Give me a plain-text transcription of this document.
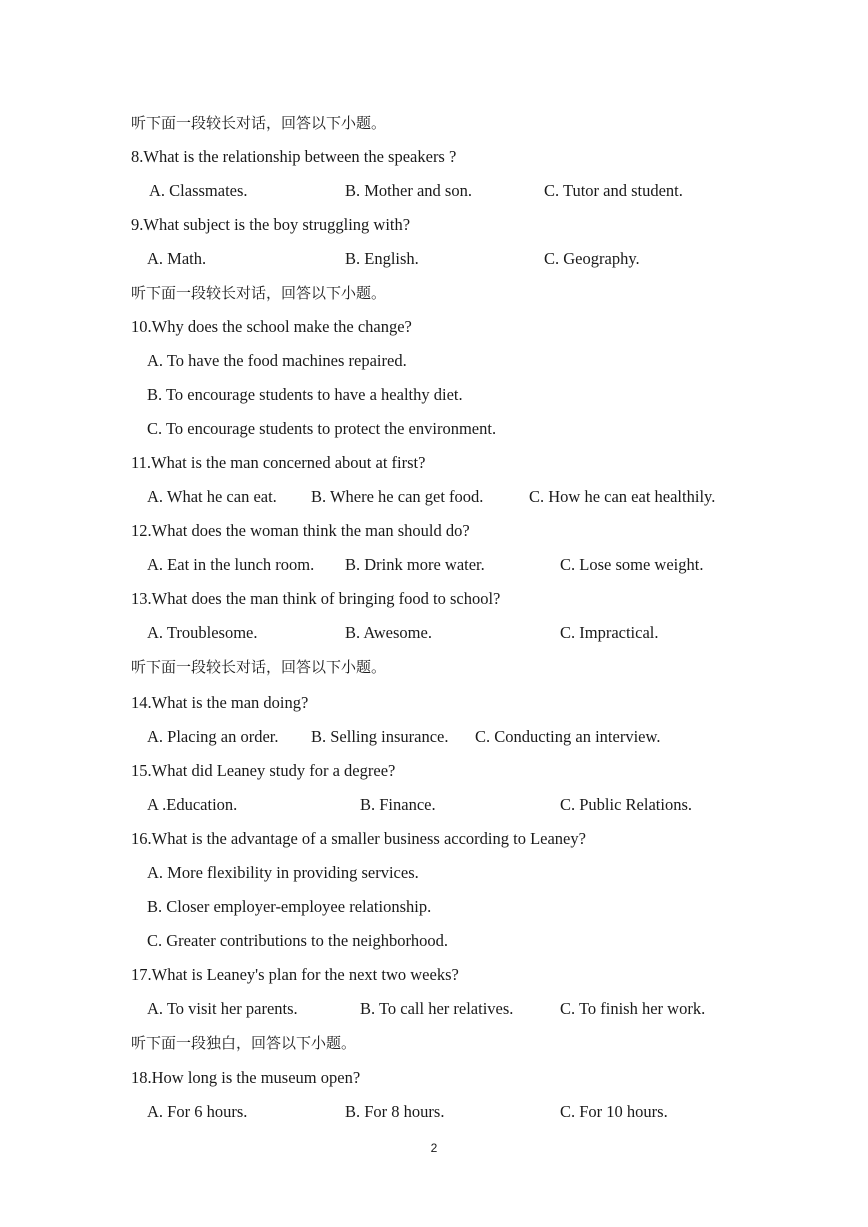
听下面一段较长对话，回答以下小题。
8.What is the relationship between the speakers ?
A. Classmates.	B. Mother and son.	C. Tutor and student.
9.What subject is the boy struggling with?
A. Math.	B. English.	C. Geography.
听下面一段较长对话，回答以下小题。
10.Why does the school make the change?
A. To have the food machines repaired.
B. To encourage students to have a healthy diet.
C. To encourage students to protect the environment.
11.What is the man concerned about at first?
A. What he can eat. B. Where he can get food.	C. How he can eat healthily.
12.What does the woman think the man should do?
A. Eat in the lunch room. B. Drink more water.	C. Lose some weight.
13.What does the man think of bringing food to school?
A. Troublesome.	B. Awesome.	C. Impractical.
听下面一段较长对话，回答以下小题。
14.What is the man doing?
A. Placing an order. B. Selling insurance. C. Conducting an interview.
15.What did Leaney study for a degree?
A .Education.	B. Finance.	C. Public Relations.
16.What is the advantage of a smaller business according to Leaney?
A. More flexibility in providing services.
B. Closer employer-employee relationship.
C. Greater contributions to the neighborhood.
17.What is Leaney's plan for the next two weeks?
A. To visit her parents.	B. To call her relatives.	C. To finish her work.
听下面一段独白，回答以下小题。
18.How long is the museum open?
A. For 6 hours.	B. For 8 hours.	C. For 10 hours.
2
